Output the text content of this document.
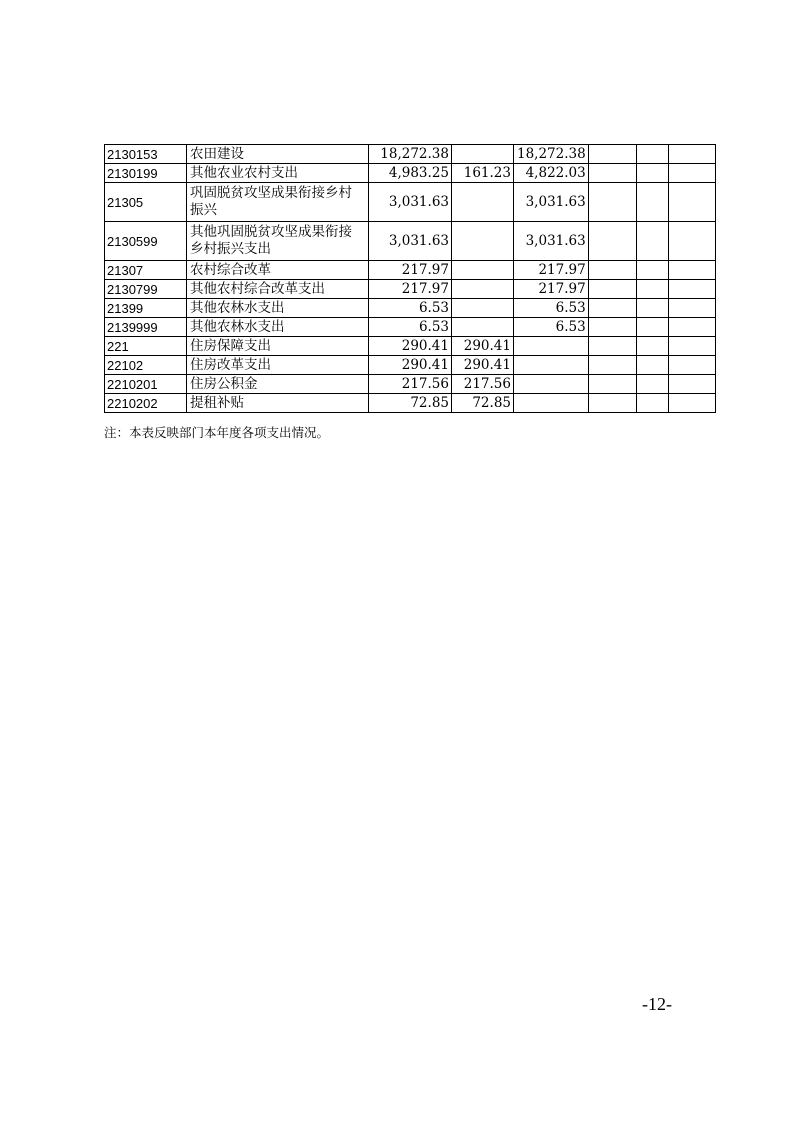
2130153	农田建设	18,272.38		18,272.38			
2130199	其他农业农村支出	4,983.25	161.23	4,822.03			
21305	巩固脱贫攻坚成果衔接乡村振兴	3,031.63		3,031.63			
2130599	其他巩固脱贫攻坚成果衔接乡村振兴支出	3,031.63		3,031.63			
21307	农村综合改革	217.97		217.97			
2130799	其他农村综合改革支出	217.97		217.97			
21399	其他农林水支出	6.53		6.53			
2139999	其他农林水支出	6.53		6.53			
221	住房保障支出	290.41	290.41				
22102	住房改革支出	290.41	290.41				
2210201	住房公积金	217.56	217.56				
2210202	提租补贴	72.85	72.85				
注：本表反映部门本年度各项支出情况。
-12-
